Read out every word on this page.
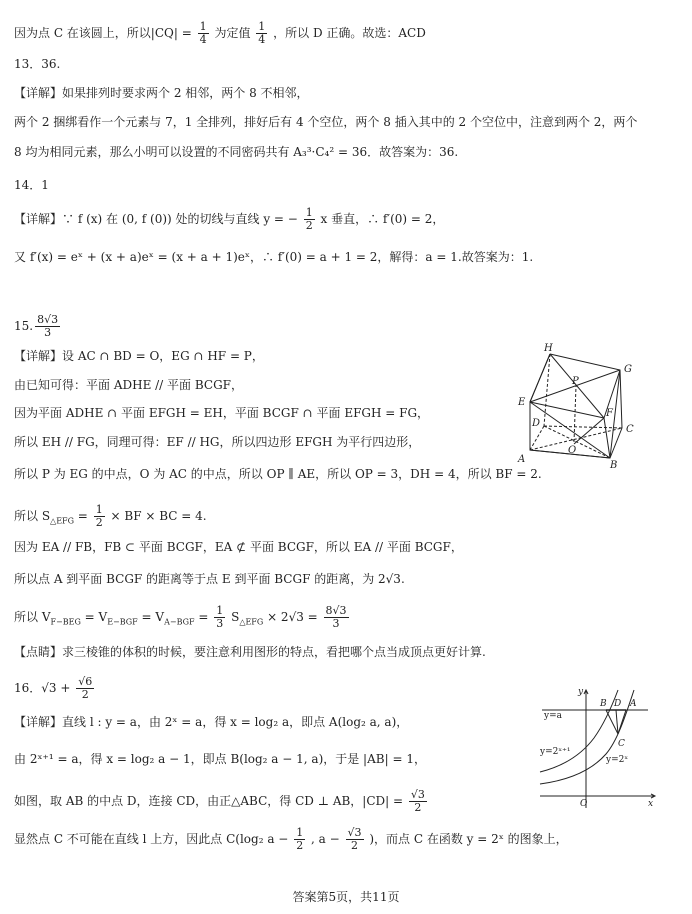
因为点 C 在该圆上，所以$|CQ| = \frac{1}{4}$ 为定值 $\frac{1}{4}$ ，所以 D 正确。故选：ACD
13．36.
【详解】如果排列时要求两个 2 相邻，两个 8 不相邻，
两个 2 捆绑看作一个元素与 7，1 全排列，排好后有 4 个空位，两个 8 插入其中的 2 个空位中，注意到两个 2，两个
8 均为相同元素，那么小明可以设置的不同密码共有 A₃³·C₄² = 36．故答案为：36.
14．1
【详解】∵ f (x) 在 (0, f (0)) 处的切线与直线 y = − $\frac{1}{2}$ x 垂直，∴ f′(0) = 2，
又 f′(x) = eˣ + (x + a)eˣ = (x + a + 1)eˣ，∴ f′(0) = a + 1 = 2，解得：a = 1.故答案为：1.
15. $\frac{8√3}{3}$
【详解】设 AC ∩ BD = O，EG ∩ HF = P，
由已知可得：平面 ADHE // 平面 BCGF，
因为平面 ADHE ∩ 平面 EFGH = EH，平面 BCGF ∩ 平面 EFGH = FG，
所以 EH // FG，同理可得：EF // HG，所以四边形 EFGH 为平行四边形，
所以 P 为 EG 的中点，O 为 AC 的中点，所以 OP ∥ AE，所以 OP = 3，DH = 4，所以 BF = 2.
所以 $S_{\triangle EFG} = \frac{1}{2}$ × BF × BC = 4.
因为 EA // FB，FB ⊂ 平面 BCGF，EA ⊄ 平面 BCGF，所以 EA // 平面 BCGF，
所以点 A 到平面 BCGF 的距离等于点 E 到平面 BCGF 的距离，为 2√3.
所以 $V_{F-BEG} = V_{E-BGF} = V_{A-BGF} = \frac{1}{3} S_{\triangle EFG} \times 2√3 = \frac{8√3}{3}$
【点睛】求三棱锥的体积的时候，要注意利用图形的特点，看把哪个点当成顶点更好计算.
16．$√3 + \frac{√6}{2}$
【详解】直线 l : y = a，由 2ˣ = a，得 x = log₂ a，即点 A(log₂ a, a)，
由 2ˣ⁺¹ = a，得 x = log₂ a − 1，即点 B(log₂ a − 1, a)，于是 |AB| = 1，
如图，取 AB 的中点 D，连接 CD，由正△ABC，得 CD ⊥ AB，$|CD| = \frac{√3}{2}$
显然点 C 不可能在直线 l 上方，因此点 C(log₂ $a - \frac{1}{2}$ , $a - \frac{√3}{2}$ )，而点 C 在函数 y = 2ˣ 的图象上，
H
G
P
E
F
D
O
C
A
B
y
x
O
B D A
C
y=a
y=2ˣ⁺¹
y=2ˣ
答案第5页，共11页
